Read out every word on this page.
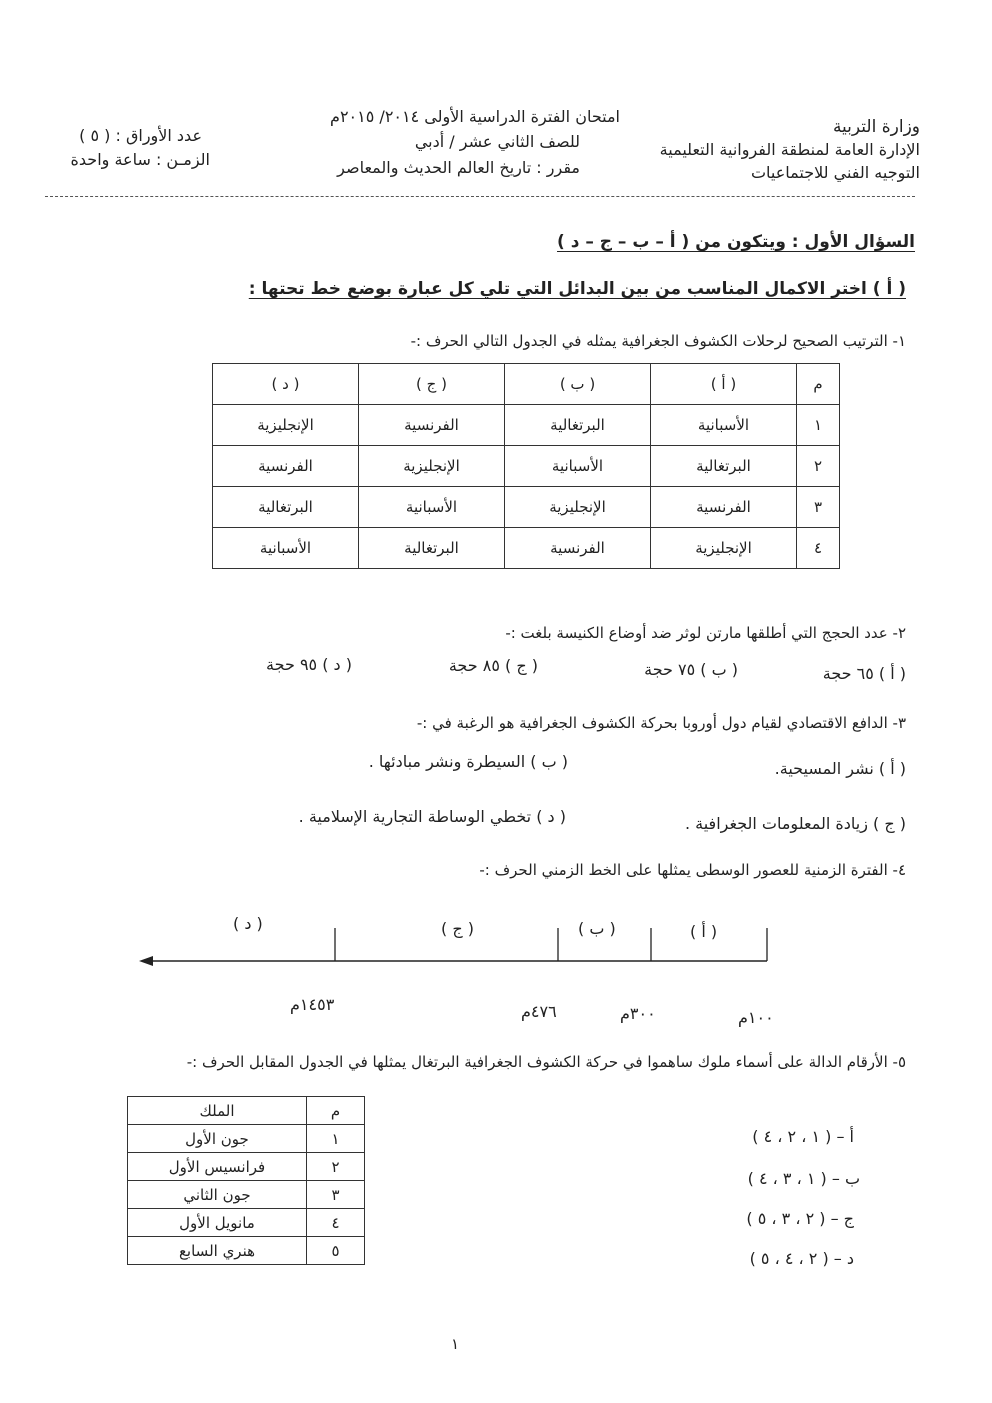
وزارة التربية
الإدارة العامة لمنطقة الفروانية التعليمية
التوجيه الفني للاجتماعيات
امتحان الفترة الدراسية الأولى ٢٠١٤/ ٢٠١٥م
للصف الثاني عشر / أدبي
مقرر : تاريخ العالم الحديث والمعاصر
عدد الأوراق : ( ٥ )
الزمـن : ساعة واحدة
السؤال الأول : ويتكون من ( أ – ب – ج – د )
( أ ) اختر الاكمال المناسب من بين البدائل التي تلي كل عبارة بوضع خط تحتها :
١- الترتيب الصحيح لرحلات الكشوف الجغرافية يمثله في الجدول التالي الحرف :-
م	( أ )	( ب )	( ج )	( د )
١	الأسبانية	البرتغالية	الفرنسية	الإنجليزية
٢	البرتغالية	الأسبانية	الإنجليزية	الفرنسية
٣	الفرنسية	الإنجليزية	الأسبانية	البرتغالية
٤	الإنجليزية	الفرنسية	البرتغالية	الأسبانية
٢- عدد الحجج التي أطلقها مارتن لوثر ضد أوضاع الكنيسة بلغت :-
( أ ) ٦٥ حجة
( ب ) ٧٥ حجة
( ج ) ٨٥ حجة
( د ) ٩٥ حجة
٣- الدافع الاقتصادي لقيام دول أوروبا بحركة الكشوف الجغرافية هو الرغبة في :-
( أ ) نشر المسيحية.
( ب ) السيطرة ونشر مبادئها .
( ج ) زيادة المعلومات الجغرافية .
( د ) تخطي الوساطة التجارية الإسلامية .
٤- الفترة الزمنية للعصور الوسطى يمثلها على الخط الزمني الحرف :-
( أ )
( ب )
( ج )
( د )
١٠٠م
٣٠٠م
٤٧٦م
١٤٥٣م
٥- الأرقام الدالة على أسماء ملوك ساهموا في حركة الكشوف الجغرافية البرتغال يمثلها في الجدول المقابل الحرف :-
م	الملك
١	جون الأول
٢	فرانسيس الأول
٣	جون الثاني
٤	مانويل الأول
٥	هنري السابع
أ – ( ١ ، ٢ ، ٤ )
ب – ( ١ ، ٣ ، ٤ )
ج – ( ٢ ، ٣ ، ٥ )
د – ( ٢ ، ٤ ، ٥ )
١
